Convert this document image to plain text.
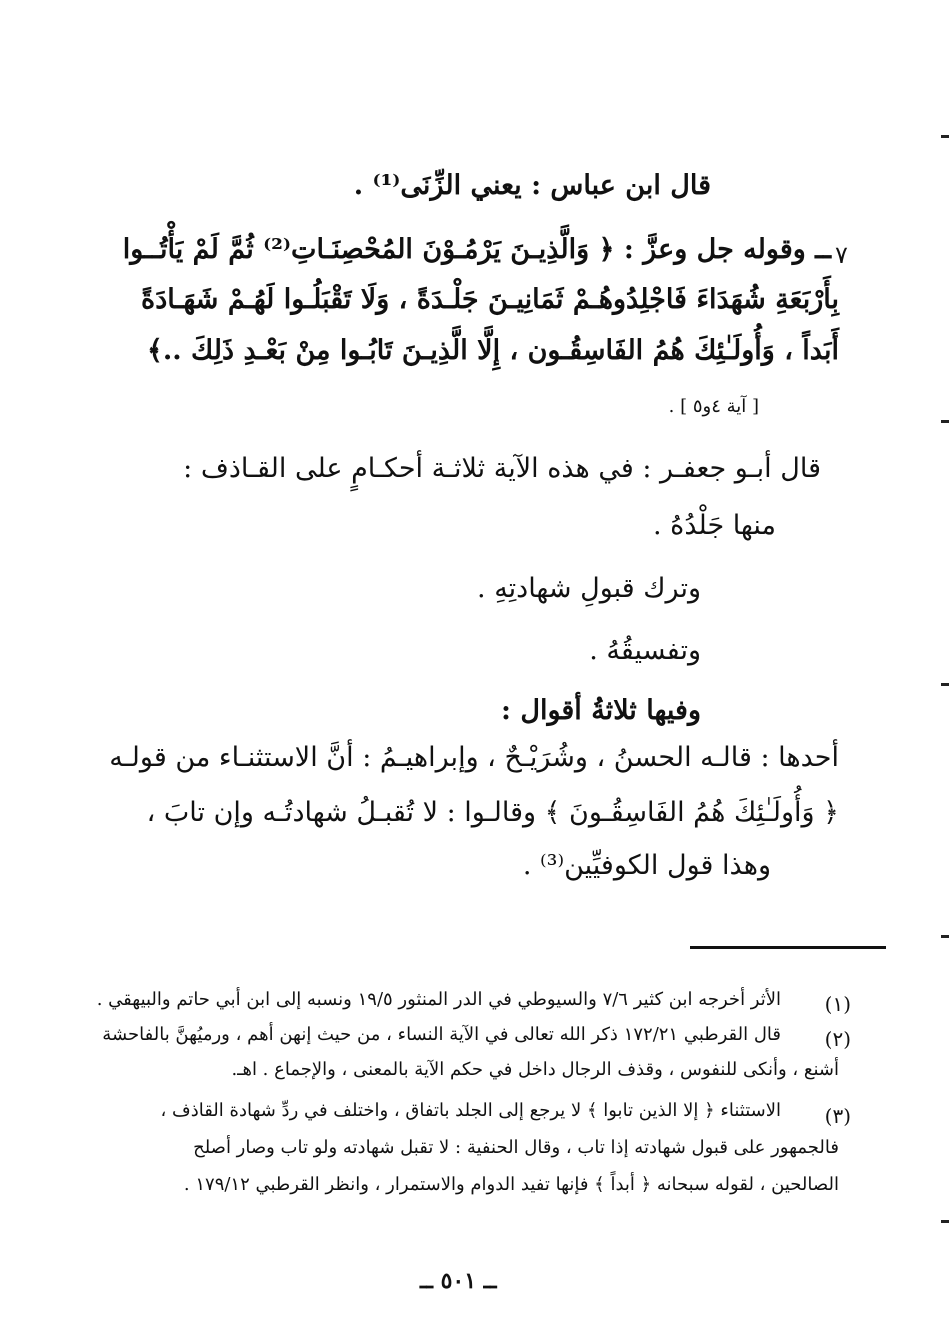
قال ابن عباس : يعني الزِّنَى⁽¹⁾ .
٧
ــ وقوله جل وعزَّ : ﴿ وَالَّذِيـنَ يَرْمُـوْنَ المُحْصِنَـاتِ⁽²⁾ ثُمَّ لَمْ يَأْتُــوا
بِأَرْبَعَةِ شُهَدَاءَ فَاجْلِدُوهُـمْ ثَمَانِيـنَ جَلْـدَةً ، وَلَا تَقْبَلُـوا لَهُـمْ شَهَـادَةً
أَبَداً ، وَأُولَـٰئِكَ هُمُ الفَاسِقُـون ، إِلَّا الَّذِيـنَ تَابُـوا مِنْ بَعْـدِ ذَلِكَ ..﴾
[ آية ٤و٥ ] .
قال أبـو جعفـر : في هذه الآية ثلاثـة أحكـامٍ على القـاذف :
منها جَلْدُهُ .
وترك قبولِ شهادتِهِ .
وتفسيقُهُ .
وفيها ثلاثةُ أقوال :
أحدها : قالـه الحسنُ ، وشُرَيْـحٌ ، وإبراهيـمُ : أنَّ الاستثنـاء من قولـه
﴿ وَأُولَـٰئِكَ هُمُ الفَاسِقُـونَ ﴾ وقالـوا : لا تُقبـلُ شهادتُـه وإن تابَ ،
وهذا قول الكوفيِّين⁽³⁾ .
(١)
الأثر أخرجه ابن كثير ٧/٦ والسيوطي في الدر المنثور ١٩/٥ ونسبه إلى ابن أبي حاتم والبيهقي .
(٢)
قال القرطبي ١٧٢/٢١ ذكر الله تعالى في الآية النساء ، من حيث إنهن أهم ، ورميُهنَّ بالفاحشة
أشنع ، وأنكى للنفوس ، وقذف الرجال داخل في حكم الآية بالمعنى ، والإجماع . اهـ.
(٣)
الاستثناء ﴿ إلا الذين تابوا ﴾ لا يرجع إلى الجلد باتفاق ، واختلف في ردِّ شهادة القاذف ،
فالجمهور على قبول شهادته إذا تاب ، وقال الحنفية : لا تقبل شهادته ولو تاب وصار أصلح
الصالحين ، لقوله سبحانه ﴿ أبداً ﴾ فإنها تفيد الدوام والاستمرار ، وانظر القرطبي ١٧٩/١٢ .
ــ ٥٠١ ــ
